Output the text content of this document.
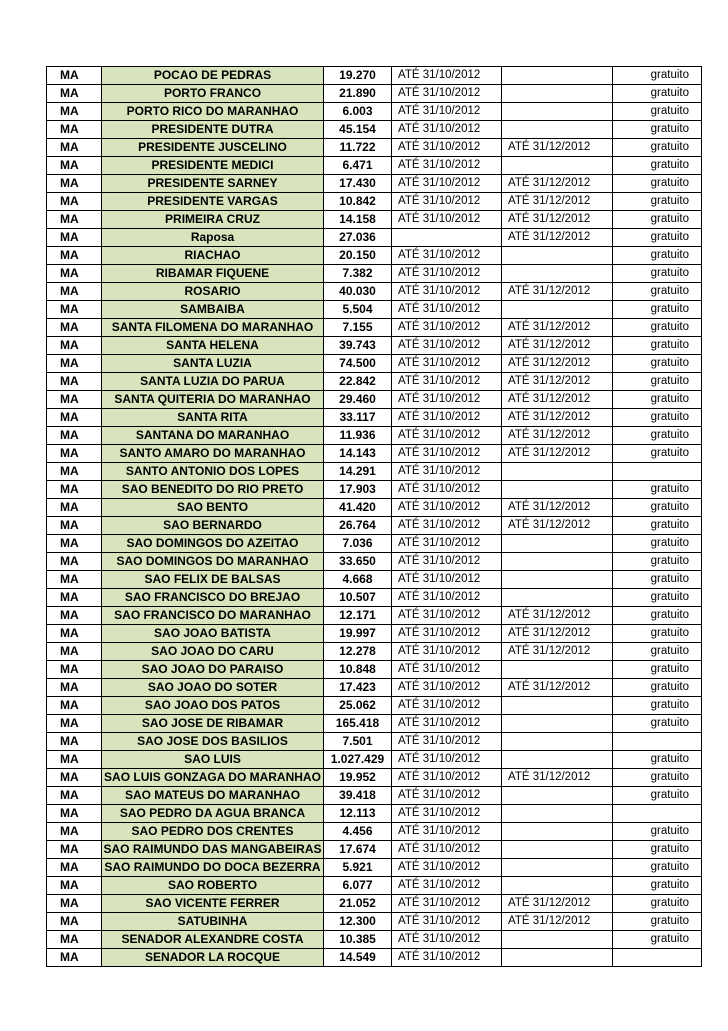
MA	POCAO DE PEDRAS	19.270	ATÉ 31/10/2012		gratuito
MA	PORTO FRANCO	21.890	ATÉ 31/10/2012		gratuito
MA	PORTO RICO DO MARANHAO	6.003	ATÉ 31/10/2012		gratuito
MA	PRESIDENTE DUTRA	45.154	ATÉ 31/10/2012		gratuito
MA	PRESIDENTE JUSCELINO	11.722	ATÉ 31/10/2012	ATÉ 31/12/2012	gratuito
MA	PRESIDENTE MEDICI	6.471	ATÉ 31/10/2012		gratuito
MA	PRESIDENTE SARNEY	17.430	ATÉ 31/10/2012	ATÉ 31/12/2012	gratuito
MA	PRESIDENTE VARGAS	10.842	ATÉ 31/10/2012	ATÉ 31/12/2012	gratuito
MA	PRIMEIRA CRUZ	14.158	ATÉ 31/10/2012	ATÉ 31/12/2012	gratuito
MA	Raposa	27.036		ATÉ 31/12/2012	gratuito
MA	RIACHAO	20.150	ATÉ 31/10/2012		gratuito
MA	RIBAMAR FIQUENE	7.382	ATÉ 31/10/2012		gratuito
MA	ROSARIO	40.030	ATÉ 31/10/2012	ATÉ 31/12/2012	gratuito
MA	SAMBAIBA	5.504	ATÉ 31/10/2012		gratuito
MA	SANTA FILOMENA DO MARANHAO	7.155	ATÉ 31/10/2012	ATÉ 31/12/2012	gratuito
MA	SANTA HELENA	39.743	ATÉ 31/10/2012	ATÉ 31/12/2012	gratuito
MA	SANTA LUZIA	74.500	ATÉ 31/10/2012	ATÉ 31/12/2012	gratuito
MA	SANTA LUZIA DO PARUA	22.842	ATÉ 31/10/2012	ATÉ 31/12/2012	gratuito
MA	SANTA QUITERIA DO MARANHAO	29.460	ATÉ 31/10/2012	ATÉ 31/12/2012	gratuito
MA	SANTA RITA	33.117	ATÉ 31/10/2012	ATÉ 31/12/2012	gratuito
MA	SANTANA DO MARANHAO	11.936	ATÉ 31/10/2012	ATÉ 31/12/2012	gratuito
MA	SANTO AMARO DO MARANHAO	14.143	ATÉ 31/10/2012	ATÉ 31/12/2012	gratuito
MA	SANTO ANTONIO DOS LOPES	14.291	ATÉ 31/10/2012		
MA	SAO BENEDITO DO RIO PRETO	17.903	ATÉ 31/10/2012		gratuito
MA	SAO BENTO	41.420	ATÉ 31/10/2012	ATÉ 31/12/2012	gratuito
MA	SAO BERNARDO	26.764	ATÉ 31/10/2012	ATÉ 31/12/2012	gratuito
MA	SAO DOMINGOS DO AZEITAO	7.036	ATÉ 31/10/2012		gratuito
MA	SAO DOMINGOS DO MARANHAO	33.650	ATÉ 31/10/2012		gratuito
MA	SAO FELIX DE BALSAS	4.668	ATÉ 31/10/2012		gratuito
MA	SAO FRANCISCO DO BREJAO	10.507	ATÉ 31/10/2012		gratuito
MA	SAO FRANCISCO DO MARANHAO	12.171	ATÉ 31/10/2012	ATÉ 31/12/2012	gratuito
MA	SAO JOAO BATISTA	19.997	ATÉ 31/10/2012	ATÉ 31/12/2012	gratuito
MA	SAO JOAO DO CARU	12.278	ATÉ 31/10/2012	ATÉ 31/12/2012	gratuito
MA	SAO JOAO DO PARAISO	10.848	ATÉ 31/10/2012		gratuito
MA	SAO JOAO DO SOTER	17.423	ATÉ 31/10/2012	ATÉ 31/12/2012	gratuito
MA	SAO JOAO DOS PATOS	25.062	ATÉ 31/10/2012		gratuito
MA	SAO JOSE DE RIBAMAR	165.418	ATÉ 31/10/2012		gratuito
MA	SAO JOSE DOS BASILIOS	7.501	ATÉ 31/10/2012		
MA	SAO LUIS	1.027.429	ATÉ 31/10/2012		gratuito
MA	SAO LUIS GONZAGA DO MARANHAO	19.952	ATÉ 31/10/2012	ATÉ 31/12/2012	gratuito
MA	SAO MATEUS DO MARANHAO	39.418	ATÉ 31/10/2012		gratuito
MA	SAO PEDRO DA AGUA BRANCA	12.113	ATÉ 31/10/2012		
MA	SAO PEDRO DOS CRENTES	4.456	ATÉ 31/10/2012		gratuito
MA	SAO RAIMUNDO DAS MANGABEIRAS	17.674	ATÉ 31/10/2012		gratuito
MA	SAO RAIMUNDO DO DOCA BEZERRA	5.921	ATÉ 31/10/2012		gratuito
MA	SAO ROBERTO	6.077	ATÉ 31/10/2012		gratuito
MA	SAO VICENTE FERRER	21.052	ATÉ 31/10/2012	ATÉ 31/12/2012	gratuito
MA	SATUBINHA	12.300	ATÉ 31/10/2012	ATÉ 31/12/2012	gratuito
MA	SENADOR ALEXANDRE COSTA	10.385	ATÉ 31/10/2012		gratuito
MA	SENADOR LA ROCQUE	14.549	ATÉ 31/10/2012		
